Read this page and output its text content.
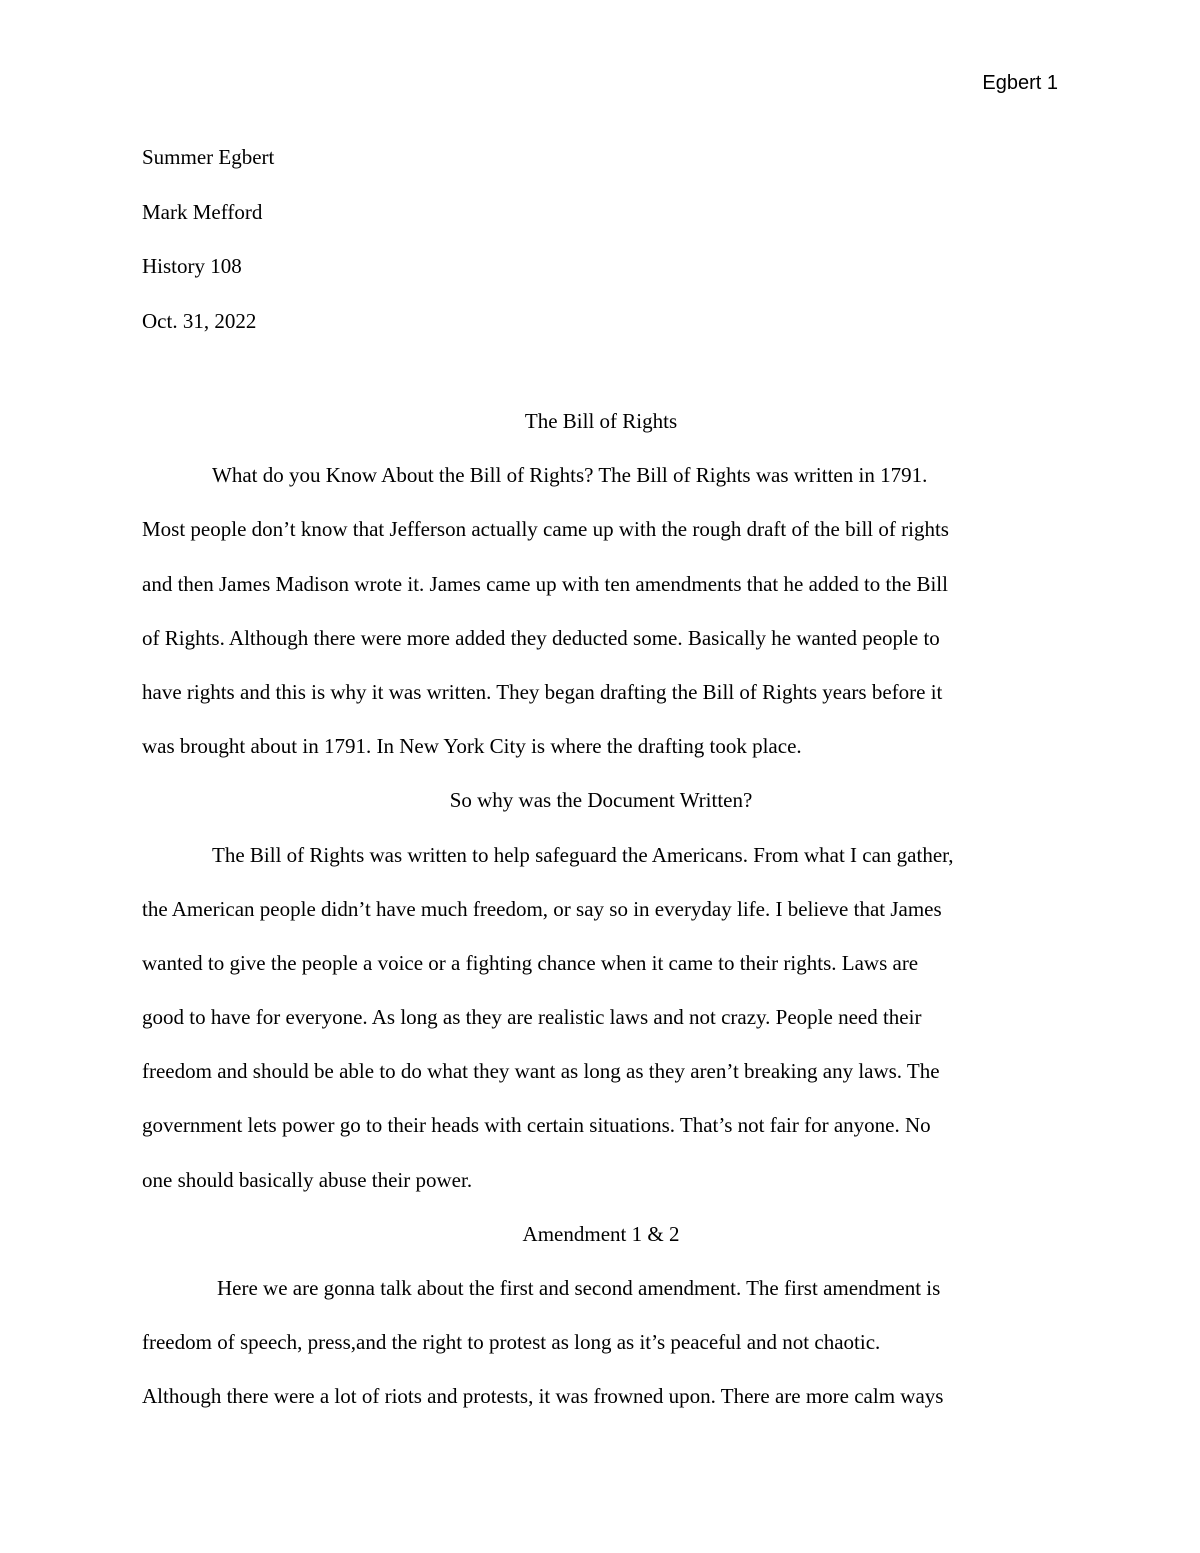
Egbert 1
Summer Egbert
Mark Mefford
History 108
Oct. 31, 2022
The Bill of Rights
What do you Know About the Bill of Rights? The Bill of Rights was written in 1791.
Most people don’t know that Jefferson actually came up with the rough draft of the bill of rights
and then James Madison wrote it. James came up with ten amendments that he added to the Bill
of Rights. Although there were more added they deducted some. Basically he wanted people to
have rights and this is why it was written. They began drafting the Bill of Rights years before it
was brought about in 1791. In New York City is where the drafting took place.
So why was the Document Written?
The Bill of Rights was written to help safeguard the Americans. From what I can gather,
the American people didn’t have much freedom, or say so in everyday life. I believe that James
wanted to give the people a voice or a fighting chance when it came to their rights. Laws are
good to have for everyone. As long as they are realistic laws and not crazy. People need their
freedom and should be able to do what they want as long as they aren’t breaking any laws. The
government lets power go to their heads with certain situations. That’s not fair for anyone. No
one should basically abuse their power.
Amendment 1 & 2
Here we are gonna talk about the first and second amendment. The first amendment is
freedom of speech, press,and the right to protest as long as it’s peaceful and not chaotic.
Although there were a lot of riots and protests, it was frowned upon. There are more calm ways
